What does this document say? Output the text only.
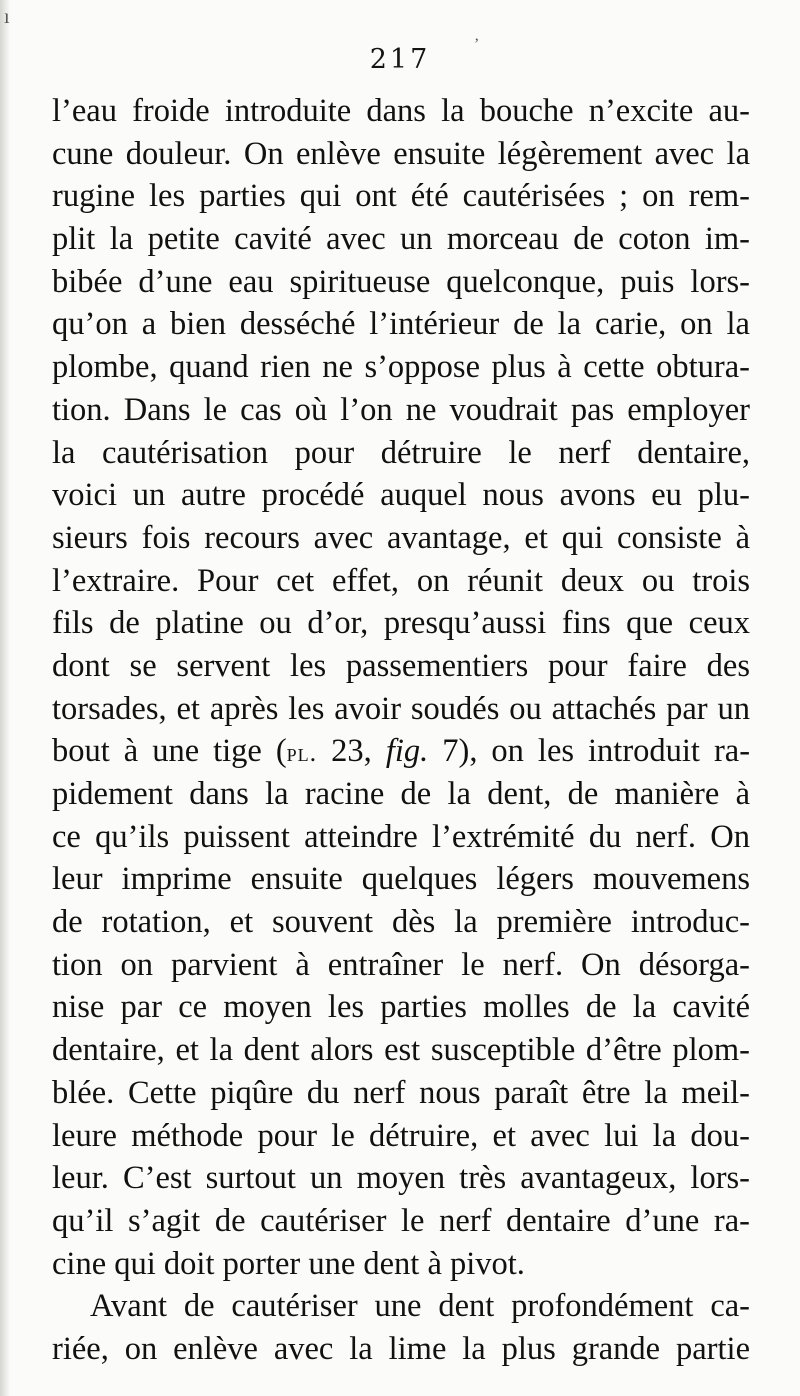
ı
ʼ
217
l’eau froide introduite dans la bouche n’excite au-
cune douleur. On enlève ensuite légèrement avec la
rugine les parties qui ont été cautérisées ; on rem-
plit la petite cavité avec un morceau de coton im-
bibée d’une eau spiritueuse quelconque, puis lors-
qu’on a bien desséché l’intérieur de la carie, on la
plombe, quand rien ne s’oppose plus à cette obtura-
tion. Dans le cas où l’on ne voudrait pas employer
la cautérisation pour détruire le nerf dentaire,
voici un autre procédé auquel nous avons eu plu-
sieurs fois recours avec avantage, et qui consiste à
l’extraire. Pour cet effet, on réunit deux ou trois
fils de platine ou d’or, presqu’aussi fins que ceux
dont se servent les passementiers pour faire des
torsades, et après les avoir soudés ou attachés par un
bout à une tige (pl. 23, fig. 7), on les introduit ra-
pidement dans la racine de la dent, de manière à
ce qu’ils puissent atteindre l’extrémité du nerf. On
leur imprime ensuite quelques légers mouvemens
de rotation, et souvent dès la première introduc-
tion on parvient à entraîner le nerf. On désorga-
nise par ce moyen les parties molles de la cavité
dentaire, et la dent alors est susceptible d’être plom-
blée. Cette piqûre du nerf nous paraît être la meil-
leure méthode pour le détruire, et avec lui la dou-
leur. C’est surtout un moyen très avantageux, lors-
qu’il s’agit de cautériser le nerf dentaire d’une ra-
cine qui doit porter une dent à pivot.
Avant de cautériser une dent profondément ca-
riée, on enlève avec la lime la plus grande partie
